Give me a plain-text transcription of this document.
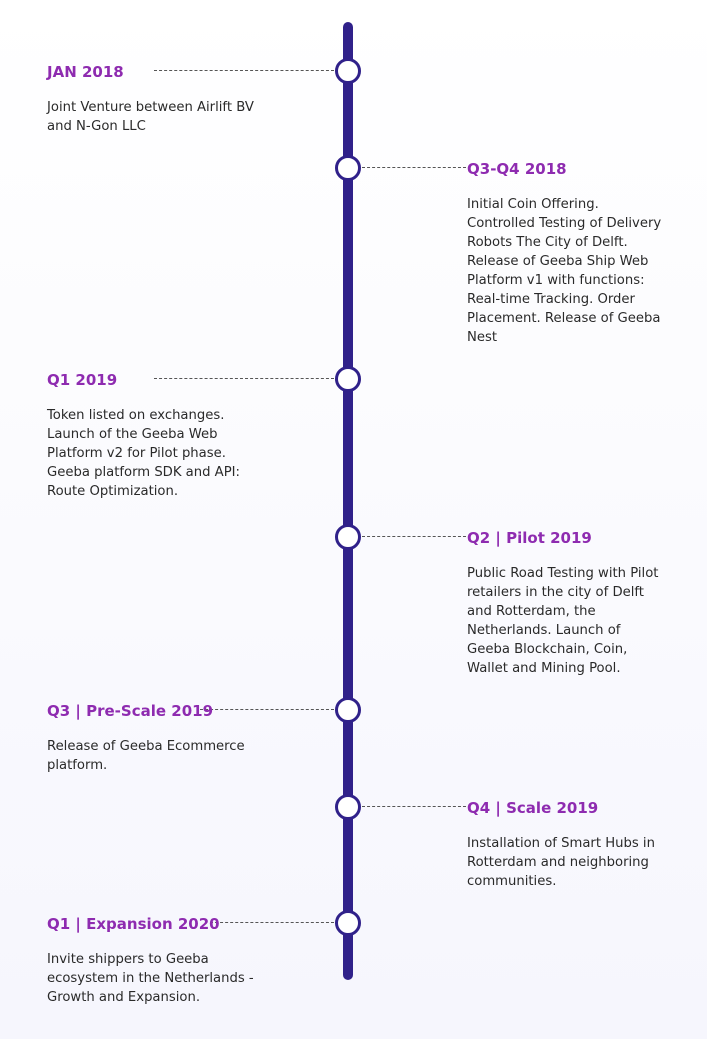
JAN 2018

Joint Venture between Airlift BV and N-Gon LLC

Q3-Q4 2018

Initial Coin Offering. Controlled Testing of Delivery Robots The City of Delft. Release of Geeba Ship Web Platform v1 with functions: Real-time Tracking. Order Placement. Release of Geeba Nest

Q1 2019

Token listed on exchanges. Launch of the Geeba Web Platform v2 for Pilot phase. Geeba platform SDK and API: Route Optimization.

Q2 | Pilot 2019

Public Road Testing with Pilot retailers in the city of Delft and Rotterdam, the Netherlands. Launch of Geeba Blockchain, Coin, Wallet and Mining Pool.

Q3 | Pre-Scale 2019

Release of Geeba Ecommerce platform.

Q4 | Scale 2019

Installation of Smart Hubs in Rotterdam and neighboring communities.

Q1 | Expansion 2020

Invite shippers to Geeba ecosystem in the Netherlands - Growth and Expansion.
